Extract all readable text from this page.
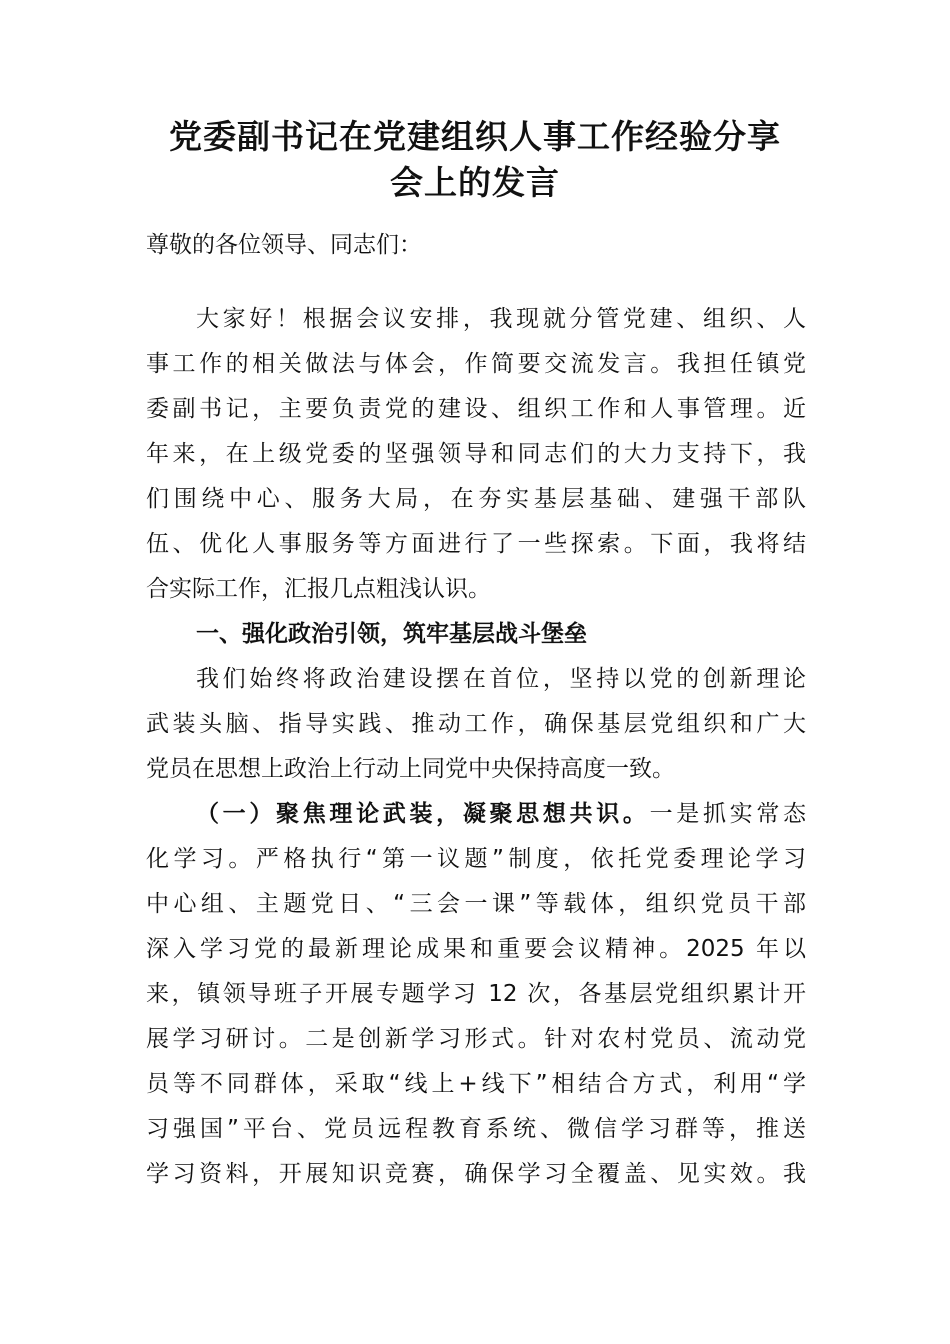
党委副书记在党建组织人事工作经验分享
会上的发言
尊敬的各位领导、同志们：
大家好！根据会议安排，我现就分管党建、组织、人
事工作的相关做法与体会，作简要交流发言。我担任镇党
委副书记，主要负责党的建设、组织工作和人事管理。近
年来，在上级党委的坚强领导和同志们的大力支持下，我
们围绕中心、服务大局，在夯实基层基础、建强干部队
伍、优化人事服务等方面进行了一些探索。下面，我将结
合实际工作，汇报几点粗浅认识。
一、强化政治引领，筑牢基层战斗堡垒
我们始终将政治建设摆在首位，坚持以党的创新理论
武装头脑、指导实践、推动工作，确保基层党组织和广大
党员在思想上政治上行动上同党中央保持高度一致。
（一）聚焦理论武装，凝聚思想共识。一是抓实常态
化学习。严格执行“第一议题”制度，依托党委理论学习
中心组、主题党日、“三会一课”等载体，组织党员干部
深入学习党的最新理论成果和重要会议精神。2025 年以
来，镇领导班子开展专题学习 12 次，各基层党组织累计开
展学习研讨。二是创新学习形式。针对农村党员、流动党
员等不同群体，采取“线上+线下”相结合方式，利用“学
习强国”平台、党员远程教育系统、微信学习群等，推送
学习资料，开展知识竞赛，确保学习全覆盖、见实效。我
